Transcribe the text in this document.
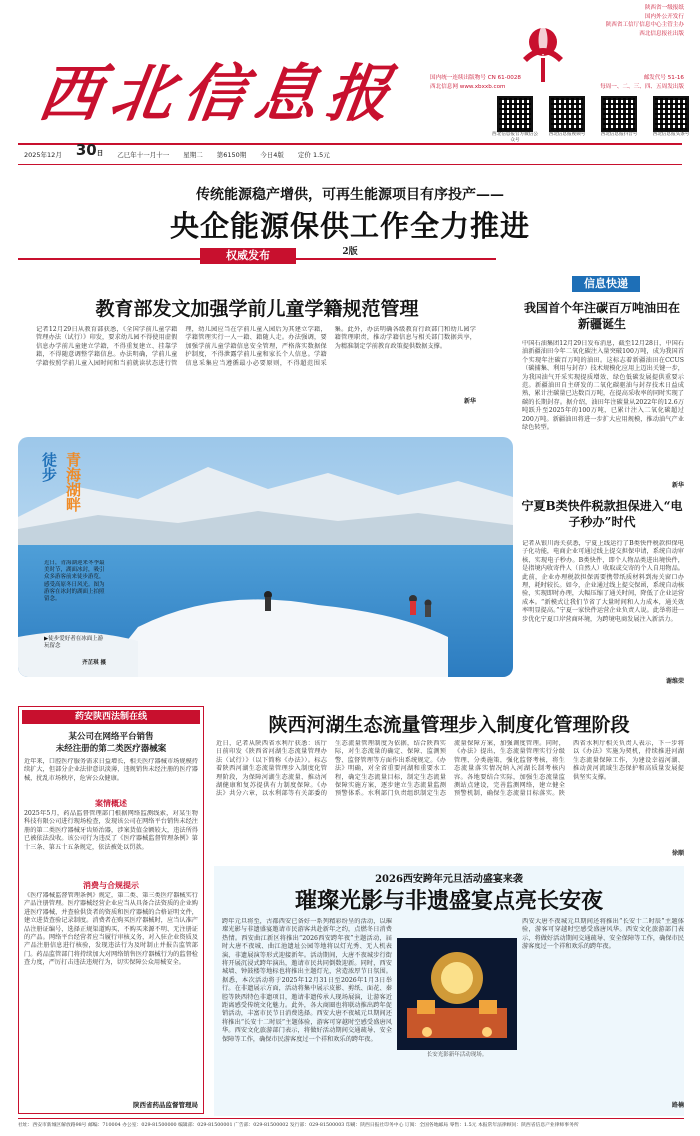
西北信息报
陕西省一级报纸
国内外公开发行
陕西省工信厅信息中心主管主办
西北信息报社出版
国内统一连续出版物号 CN 61-0028	邮发代号 51-16
西北信息网 www.xbxxb.com	每周一、二、三、四、五周发出版
西北信息报官方微信公众号
西北信息报视频号	西北信息报抖音号	西北信息报头条号
2025年12月 30日 乙巳年十一月十一 星期二 第6150期 今日4版 定价 1.5元
传统能源稳产增供，可再生能源项目有序投产——
央企能源保供工作全力推进
2版
权威发布
教育部发文加强学前儿童学籍规范管理
记者12月29日从教育部获悉，《全国学前儿童学籍管理办法（试行）》印发，要求幼儿园不得使用虚假信息办学前儿童建立学籍，不得重复建立、挂靠学籍，不得随意调整学籍信息。办法明确，学前儿童学籍按照学前儿童入园时间和当前就读状态进行管理，幼儿园应当在学前儿童入园后为其建立学籍，学籍管理实行一人一籍、籍随人走。办法强调，要加强学前儿童学籍信息安全管理，严格落实数据保护制度，不得泄露学前儿童和家长个人信息。学籍信息采集应当遵循最小必要原则，不得超范围采集。此外，办法明确各级教育行政部门和幼儿园学籍管理职责，推动学籍信息与相关部门数据共享，为精准制定学前教育政策提供数据支撑。
新华
徒步 青海湖畔
近日，青海湖迎来冬季最美时节，湖面冰封，吸引众多游客前来徒步游览，感受高原冬日风光。图为游客在冰封的湖面上拍照留念。
▶徒步爱好者在冰面上游玩留念
齐芷琪 摄
信息快递
我国首个年注碳百万吨油田在新疆诞生
中国石油集团12月29日发布消息，截至12月28日，中国石油新疆油田今年二氧化碳注入量突破100万吨，成为我国首个实现年注碳百万吨的油田。这标志着新疆油田在CCUS（碳捕集、利用与封存）技术规模化应用上迈出关键一步，为我国油气开采实现提质增效、绿色低碳发展提供重要示范。新疆油田自主研发的二氧化碳驱油与封存技术日益成熟，累计注碳量已达数百万吨，在提高采收率的同时实现了碳的长期封存。据介绍，油田年注碳量从2022年的12.6万吨跃升至2025年的100万吨，已累计注入二氧化碳超过200万吨。新疆油田将进一步扩大应用规模，推动油气产业绿色转型。
新华
宁夏B类快件税款担保进入“电子秒办”时代
记者从银川海关获悉，宁夏上线运行了B类快件税款担保电子化功能，电商企业可通过线上提交担保申请，系统自动审核，实现电子秒办。B类快件，即个人物品类进出境快件，是指境内收寄件人（自然人）收取或交寄的个人自用物品。此前，企业办理税款担保需要携带纸质材料到海关窗口办理，耗时较长。如今，企业通过线上提交保函，系统自动核验，实现即时办理，大幅压缩了通关时间，降低了企业运营成本。“新模式让我们节省了大量时间和人力成本，通关效率明显提高。”宁夏一家快件运营企业负责人说。此举将进一步优化宁夏口岸营商环境，为跨境电商发展注入新活力。
谢维荣
药安陕西法制在线
某公司在网络平台销售
未经注册的第二类医疗器械案
近年来，口腔医疗服务需求日益增长，相关医疗器械市场规模持续扩大，但部分企业法律意识淡薄，违规销售未经注册的医疗器械，扰乱市场秩序，危害公众健康。
案情概述
2025年5月，药品监督管理部门根据网络监测线索，对某生物科技有限公司进行现场检查，发现该公司在网络平台销售未经注册的第二类医疗器械牙齿矫治器，涉案货值金额较大，违法所得已被依法没收。该公司行为违反了《医疗器械监督管理条例》第十三条、第五十五条规定，依法被处以罚款。
消费与合规提示
《医疗器械监督管理条例》规定，第二类、第三类医疗器械实行产品注册管理。医疗器械经营企业应当从具备合法资质的企业购进医疗器械，并查验供货者的资质和医疗器械的合格证明文件，建立进货查验记录制度。消费者在购买医疗器械时，应当认准产品注册证编号，选择正规渠道购买，不购买来源不明、无注册证的产品。网络平台经营者应当履行审核义务，对入驻企业资质及产品注册信息进行核验，发现违法行为及时制止并报告监管部门。药品监管部门将持续加大对网络销售医疗器械行为的监督检查力度，严厉打击违法违规行为，切实保障公众用械安全。
陕西省药品监督管理局
陕西河湖生态流量管理步入制度化管理阶段
近日，记者从陕西省水利厅获悉：该厅日前印发《陕西省河湖生态流量管理办法（试行）》（以下简称《办法》）。标志着陕西河湖生态流量管理步入制度化管理阶段，为保障河湖生态流量、推动河湖健康和复苏提供有力制度保障。《办法》共分六章，以水利部等有关部委的生态流量管理制度为依据，结合陕西实际，对生态流量的确定、保障、监测预警、监督管理等方面作出系统规定。《办法》明确，对全省重要河湖和重要水工程，确定生态流量目标，制定生态流量保障实施方案，逐步建立生态流量监测预警体系。水利部门负责组织制定生态流量保障方案，加强调度管理。同时，《办法》提出，生态流量管理实行分级管理、分类施策，强化监督考核，将生态流量落实情况纳入河湖长制考核内容。各地要结合实际，加强生态流量监测站点建设，完善监测网络，建立健全预警机制，确保生态流量目标落实。陕西省水利厅相关负责人表示，下一步将以《办法》实施为契机，持续推进河湖生态流量保障工作，为建设幸福河湖、推动黄河流域生态保护和高质量发展提供坚实支撑。
徐顺
2026西安跨年元旦活动盛宴来袭
璀璨光影与非遗盛宴点亮长安夜
跨年元旦将至，古都西安已备好一系列精彩纷呈的活动，以璀璨光影与非遗盛宴邀请市民游客共赴新年之约，点燃冬日消费热情。西安曲江新区将推出“2026西安跨年夜”主题活动，届时大唐不夜城、曲江池遗址公园等地将以灯光秀、无人机表演、非遗展演等形式迎接新年。活动期间，大唐不夜城步行街将开展沉浸式跨年演出，邀请市民共同倒数迎新。同时，西安城墙、钟鼓楼等地标也将推出主题灯光，营造浓厚节日氛围。据悉，本次活动将于2025年12月31日至2026年1月3日举行。在非遗展示方面，活动将集中展示皮影、剪纸、面花、秦腔等陕西特色非遗项目，邀请非遗传承人现场展演，让游客近距离感受传统文化魅力。此外，各大商圈也将联动推出跨年促销活动，丰富市民节日消费选择。西安大唐不夜城元旦期间还将推出“长安十二时辰”主题体验，游客可穿越时空感受盛唐风华。西安文化旅游部门表示，将做好活动期间交通疏导、安全保障等工作，确保市民游客度过一个祥和欢乐的跨年夜。
长安光影新年活动现场。
西安大唐不夜城元旦期间还将推出“长安十二时辰”主题体验，游客可穿越时空感受盛唐风华。西安文化旅游部门表示，将做好活动期间交通疏导、安全保障等工作，确保市民游客度过一个祥和欢乐的跨年夜。
路楠
社址：西安市新城区解放路98号 邮编：710004 办公室：029-81500000 编辑部：029-81500001 广告部：029-81500002 发行部：029-81500003 印刷：陕西日报社印务中心 订阅：全国各地邮局 零售：1.5元 本报常年法律顾问：陕西省信息产业律师事务所
